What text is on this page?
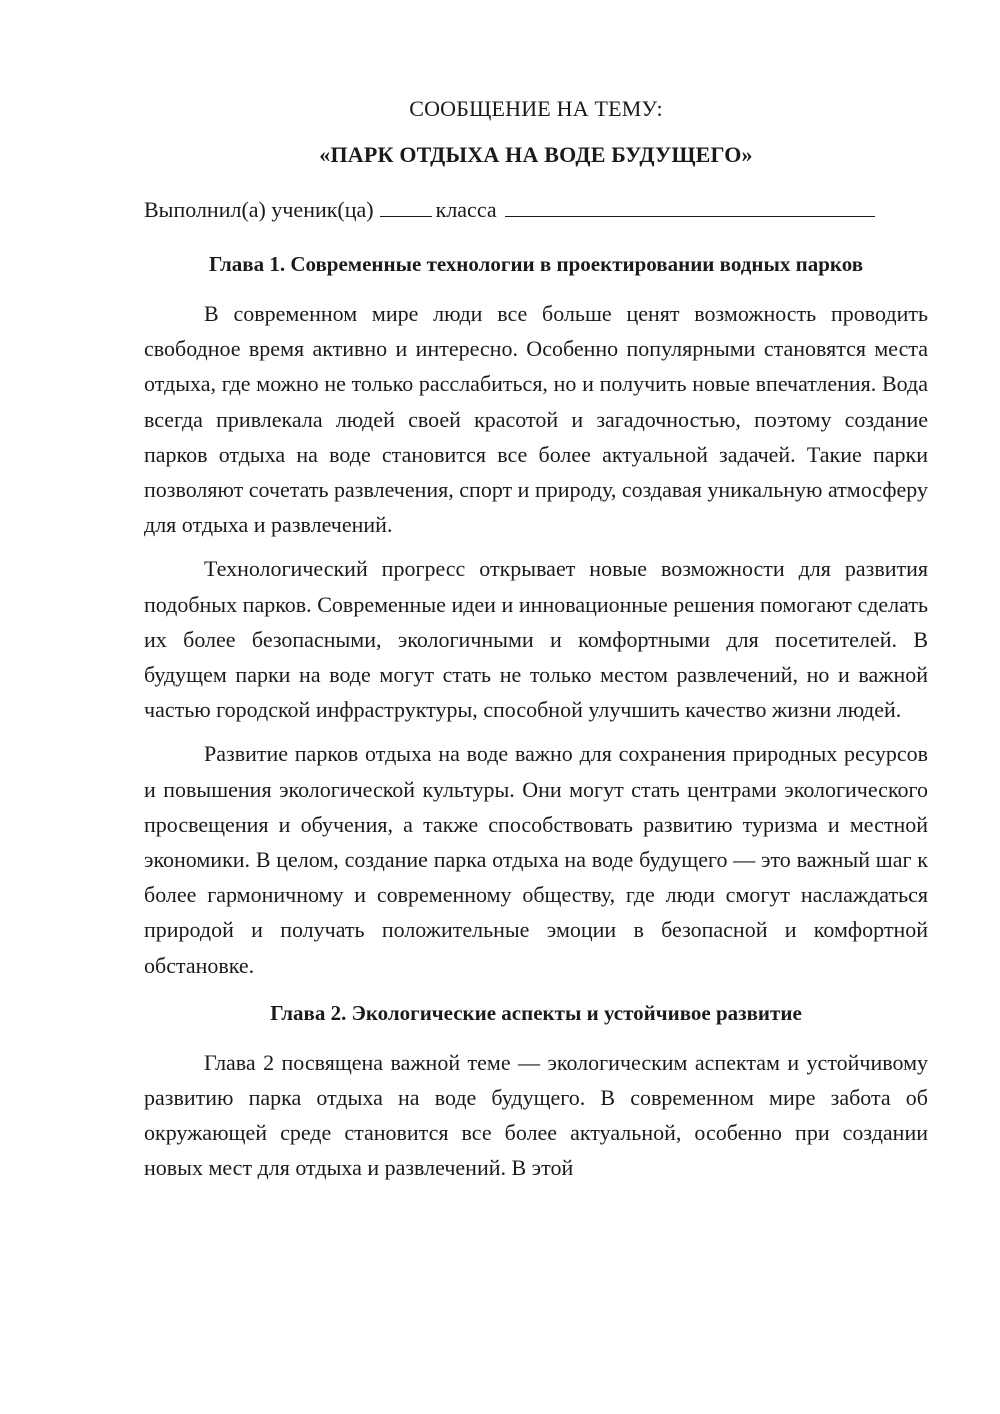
СООБЩЕНИЕ НА ТЕМУ:
«ПАРК ОТДЫХА НА ВОДЕ БУДУЩЕГО»
Выполнил(а) ученик(ца)	класса
Глава 1. Современные технологии в проектировании водных парков

В современном мире люди все больше ценят возможность проводить свободное время активно и интересно. Особенно популярными становятся места отдыха, где можно не только расслабиться, но и получить новые впечатления. Вода всегда привлекала людей своей красотой и загадочностью, поэтому создание парков отдыха на воде становится все более актуальной задачей. Такие парки позволяют сочетать развлечения, спорт и природу, создавая уникальную атмосферу для отдыха и развлечений.

Технологический прогресс открывает новые возможности для развития подобных парков. Современные идеи и инновационные решения помогают сделать их более безопасными, экологичными и комфортными для посетителей. В будущем парки на воде могут стать не только местом развлечений, но и важной частью городской инфраструктуры, способной улучшить качество жизни людей.

Развитие парков отдыха на воде важно для сохранения природных ресурсов и повышения экологической культуры. Они могут стать центрами экологического просвещения и обучения, а также способствовать развитию туризма и местной экономики. В целом, создание парка отдыха на воде будущего — это важный шаг к более гармоничному и современному обществу, где люди смогут наслаждаться природой и получать положительные эмоции в безопасной и комфортной обстановке.

Глава 2. Экологические аспекты и устойчивое развитие

Глава 2 посвящена важной теме — экологическим аспектам и устойчивому развитию парка отдыха на воде будущего. В современном мире забота об окружающей среде становится все более актуальной, особенно при создании новых мест для отдыха и развлечений. В этой
